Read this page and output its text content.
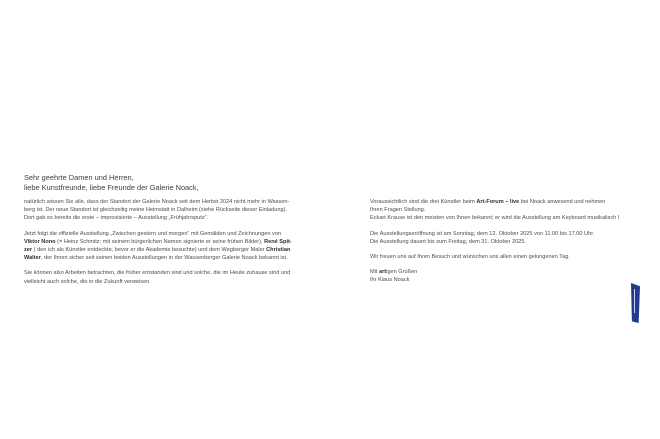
Sehr geehrte Damen und Herren,
liebe Kunstfreunde, liebe Freunde der Galerie Noack,

natürlich wissen Sie alle, dass der Standort der Galerie Noack seit dem Herbst 2024 nicht mehr in Wassen-
berg ist. Der neue Standort ist gleichzeitig meine Heimstatt in Dalheim (siehe Rückseite dieser Einladung).
Dort gab es bereits die erste – improvisierte – Ausstellung „Frühjahrsputz“.

Jetzt folgt die offizielle Ausstellung „Zwischen gestern und morgen“ mit Gemälden und Zeichnungen von
Viktor Nono (= Heinz Schmitz; mit seinem bürgerlichen Namen signierte er seine frühen Bilder), René Spit-
zer ( den ich als Künstler entdeckte, bevor er die Akademie besuchte) und dem Wegberger Maler Christian
Walter, der Ihnen sicher seit seinen beiden Ausstellungen in der Wassenberger Galerie Noack bekannt ist.

Sie können also Arbeiten betrachten, die früher entstanden sind und solche, die im Heute zuhause sind und
vielleicht auch solche, die in die Zukunft verweisen.

Voraussichtlich sind die drei Künstler beim Art-Forum – live bei Noack anwesend und nehmen
Ihren Fragen Stellung.
Eckart Krause ist den meisten von Ihnen bekannt; er wird die Ausstellung am Keyboard musikalisch l

Die Ausstellungseröffnung ist am Sonntag, dem 12. Oktober 2025 von 11.00 bis 17.00 Uhr.
Die Ausstellung dauert bis zum Freitag, dem 31. Oktober 2025.

Wir freuen uns auf Ihren Besuch und wünschen uns allen einen gelungenen Tag.

Mit artigen Grüßen
Ihr Klaus Noack
